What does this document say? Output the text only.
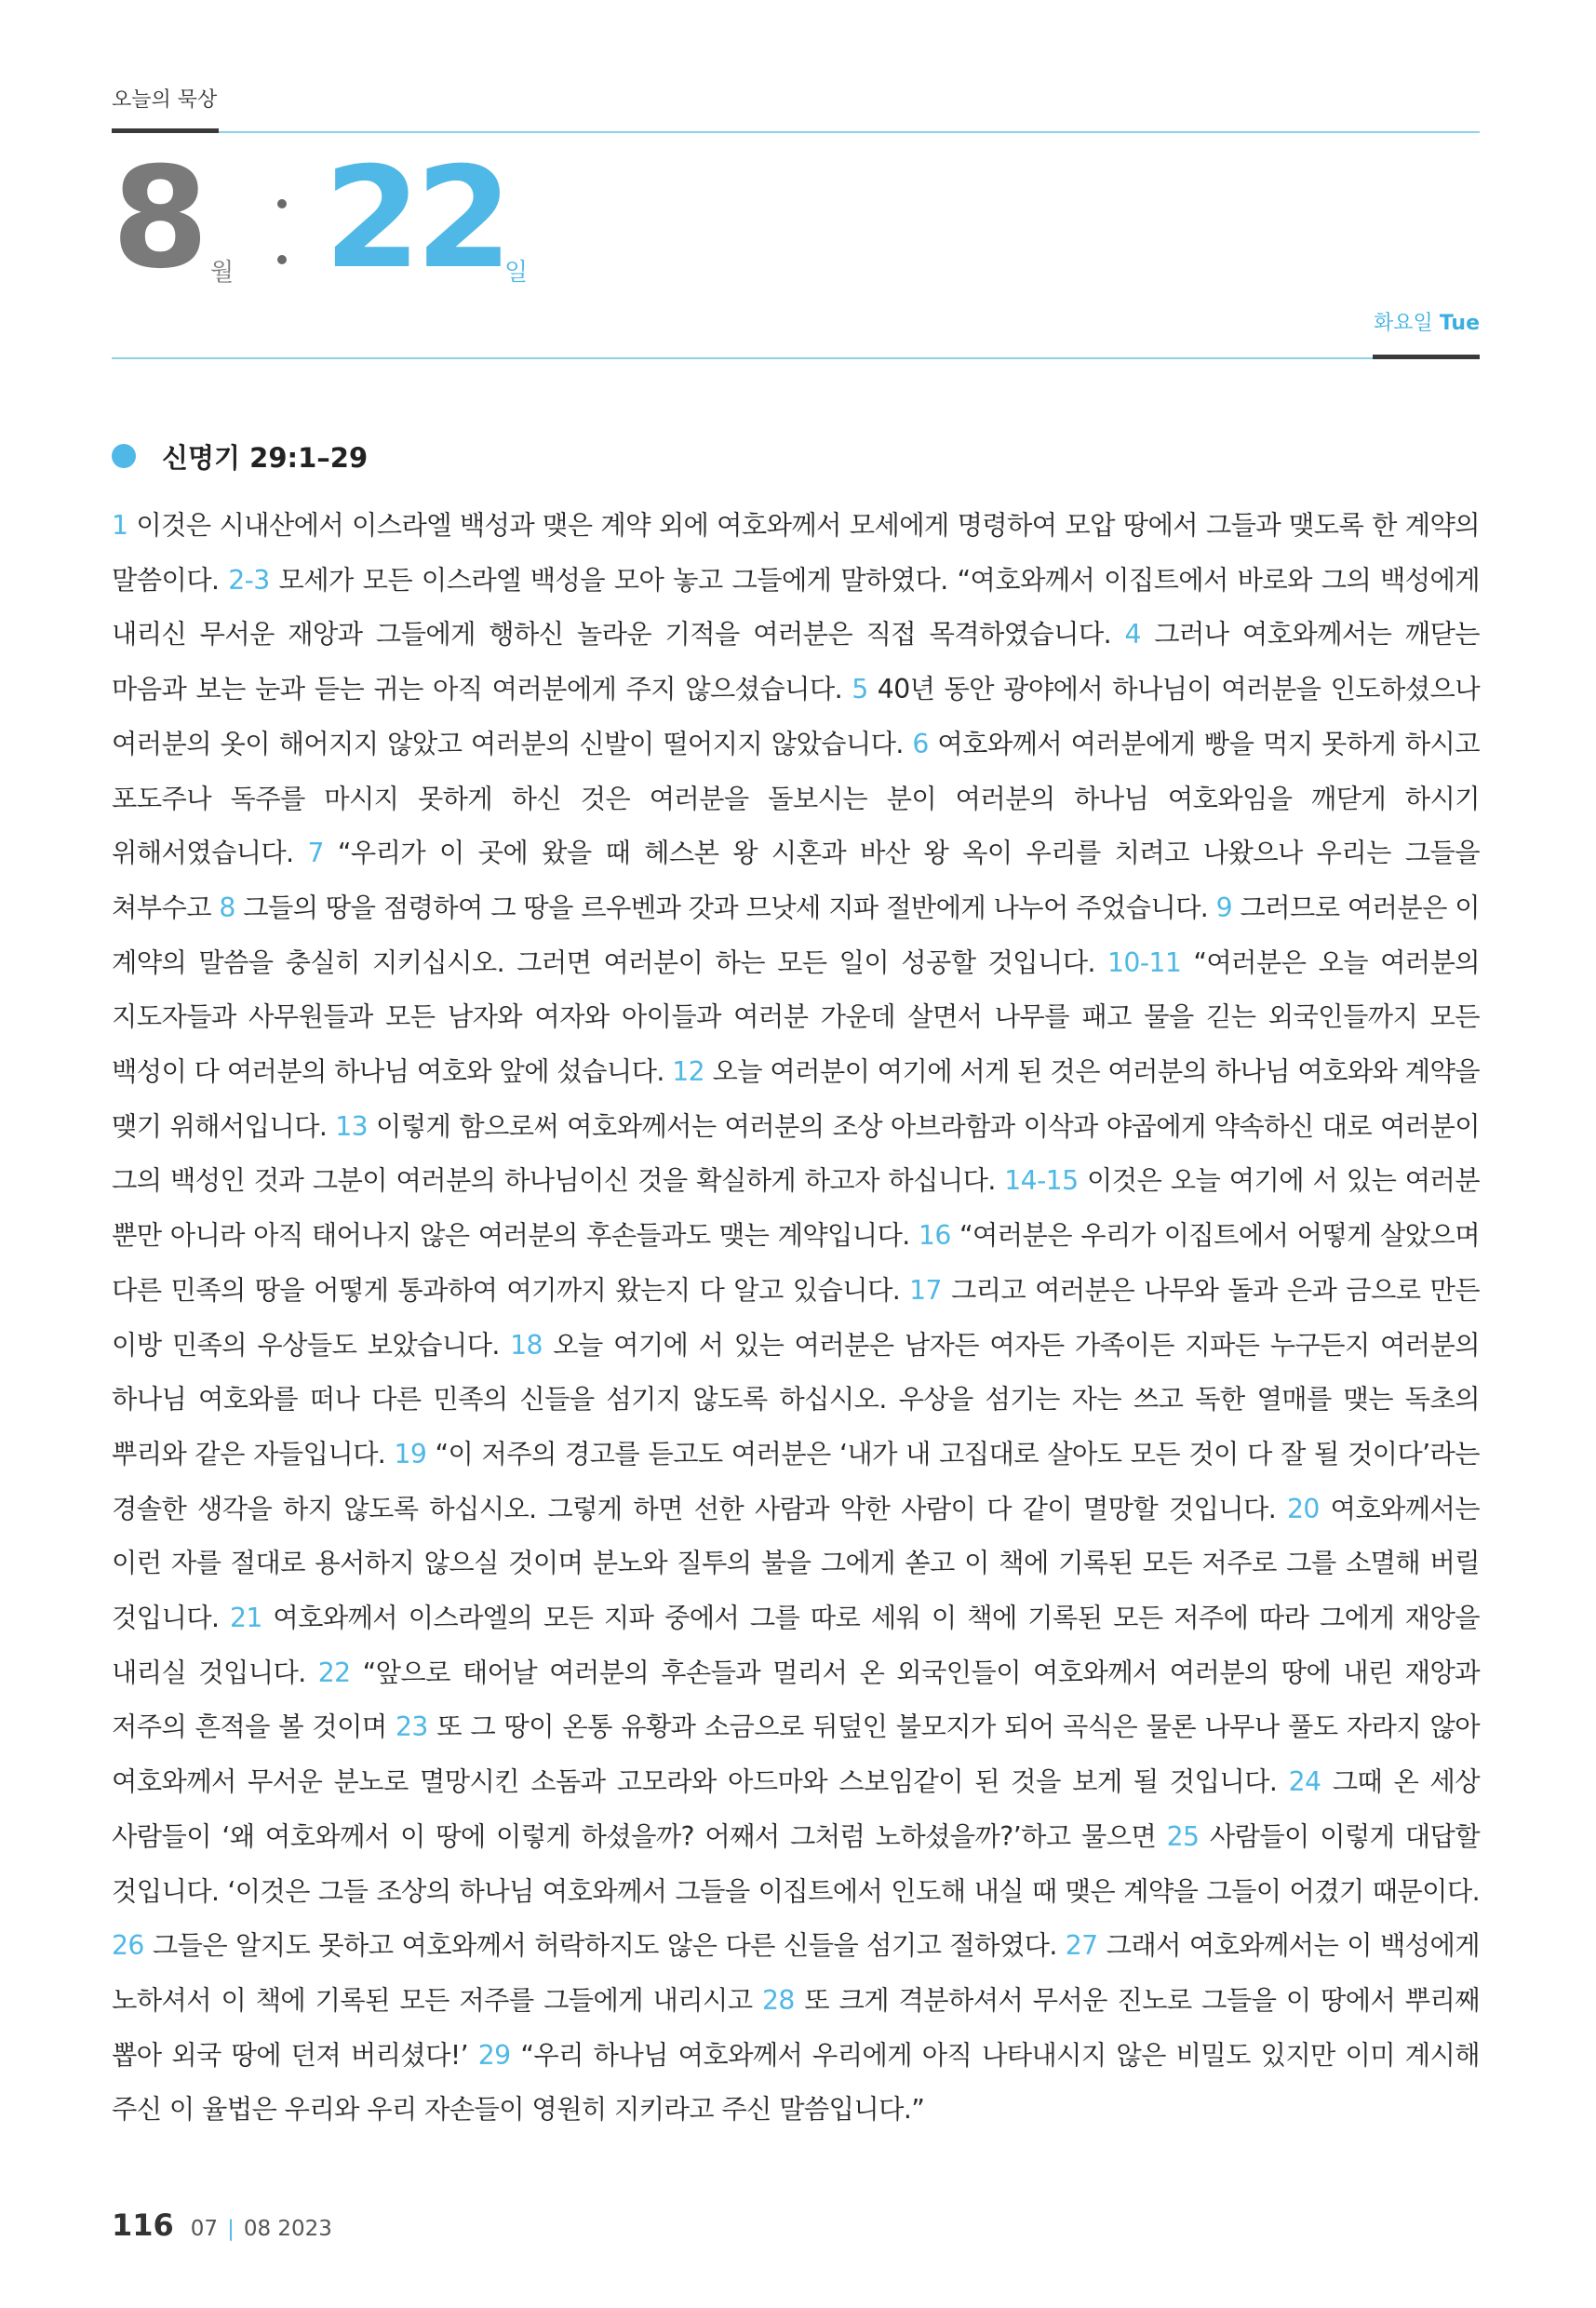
오늘의 묵상
8 월 22
일
화요일 Tue
신명기 29:1–29
1 이것은 시내산에서 이스라엘 백성과 맺은 계약 외에 여호와께서 모세에게 명령하여 모압 땅에서 그들과 맺도록 한 계약의 말씀이다. 2-3 모세가 모든 이스라엘 백성을 모아 놓고 그들에게 말하였다. “여호와께서 이집트에서 바로와 그의 백성에게 내리신 무서운 재앙과 그들에게 행하신 놀라운 기적을 여러분은 직접 목격하였습니다. 4 그러나 여호와께서는 깨닫는 마음과 보는 눈과 듣는 귀는 아직 여러분에게 주지 않으셨습니다. 5 40년 동안 광야에서 하나님이 여러분을 인도하셨으나 여러분의 옷이 해어지지 않았고 여러분의 신발이 떨어지지 않았습니다. 6 여호와께서 여러분에게 빵을 먹지 못하게 하시고 포도주나 독주를 마시지 못하게 하신 것은 여러분을 돌보시는 분이 여러분의 하나님 여호와임을 깨닫게 하시기 위해서였습니다. 7 “우리가 이 곳에 왔을 때 헤스본 왕 시혼과 바산 왕 옥이 우리를 치려고 나왔으나 우리는 그들을 쳐부수고 8 그들의 땅을 점령하여 그 땅을 르우벤과 갓과 므낫세 지파 절반에게 나누어 주었습니다. 9 그러므로 여러분은 이 계약의 말씀을 충실히 지키십시오. 그러면 여러분이 하는 모든 일이 성공할 것입니다. 10-11 “여러분은 오늘 여러분의 지도자들과 사무원들과 모든 남자와 여자와 아이들과 여러분 가운데 살면서 나무를 패고 물을 긷는 외국인들까지 모든 백성이 다 여러분의 하나님 여호와 앞에 섰습니다. 12 오늘 여러분이 여기에 서게 된 것은 여러분의 하나님 여호와와 계약을 맺기 위해서입니다. 13 이렇게 함으로써 여호와께서는 여러분의 조상 아브라함과 이삭과 야곱에게 약속하신 대로 여러분이 그의 백성인 것과 그분이 여러분의 하나님이신 것을 확실하게 하고자 하십니다. 14-15 이것은 오늘 여기에 서 있는 여러분 뿐만 아니라 아직 태어나지 않은 여러분의 후손들과도 맺는 계약입니다. 16 “여러분은 우리가 이집트에서 어떻게 살았으며 다른 민족의 땅을 어떻게 통과하여 여기까지 왔는지 다 알고 있습니다. 17 그리고 여러분은 나무와 돌과 은과 금으로 만든 이방 민족의 우상들도 보았습니다. 18 오늘 여기에 서 있는 여러분은 남자든 여자든 가족이든 지파든 누구든지 여러분의 하나님 여호와를 떠나 다른 민족의 신들을 섬기지 않도록 하십시오. 우상을 섬기는 자는 쓰고 독한 열매를 맺는 독초의 뿌리와 같은 자들입니다. 19 “이 저주의 경고를 듣고도 여러분은 ‘내가 내 고집대로 살아도 모든 것이 다 잘 될 것이다’라는 경솔한 생각을 하지 않도록 하십시오. 그렇게 하면 선한 사람과 악한 사람이 다 같이 멸망할 것입니다. 20 여호와께서는 이런 자를 절대로 용서하지 않으실 것이며 분노와 질투의 불을 그에게 쏟고 이 책에 기록된 모든 저주로 그를 소멸해 버릴 것입니다. 21 여호와께서 이스라엘의 모든 지파 중에서 그를 따로 세워 이 책에 기록된 모든 저주에 따라 그에게 재앙을 내리실 것입니다. 22 “앞으로 태어날 여러분의 후손들과 멀리서 온 외국인들이 여호와께서 여러분의 땅에 내린 재앙과 저주의 흔적을 볼 것이며 23 또 그 땅이 온통 유황과 소금으로 뒤덮인 불모지가 되어 곡식은 물론 나무나 풀도 자라지 않아 여호와께서 무서운 분노로 멸망시킨 소돔과 고모라와 아드마와 스보임같이 된 것을 보게 될 것입니다. 24 그때 온 세상 사람들이 ‘왜 여호와께서 이 땅에 이렇게 하셨을까? 어째서 그처럼 노하셨을까?’하고 물으면 25 사람들이 이렇게 대답할 것입니다. ‘이것은 그들 조상의 하나님 여호와께서 그들을 이집트에서 인도해 내실 때 맺은 계약을 그들이 어겼기 때문이다. 26 그들은 알지도 못하고 여호와께서 허락하지도 않은 다른 신들을 섬기고 절하였다. 27 그래서 여호와께서는 이 백성에게 노하셔서 이 책에 기록된 모든 저주를 그들에게 내리시고 28 또 크게 격분하셔서 무서운 진노로 그들을 이 땅에서 뿌리째 뽑아 외국 땅에 던져 버리셨다!’ 29 “우리 하나님 여호와께서 우리에게 아직 나타내시지 않은 비밀도 있지만 이미 계시해 주신 이 율법은 우리와 우리 자손들이 영원히 지키라고 주신 말씀입니다.”
116 07 | 08 2023
